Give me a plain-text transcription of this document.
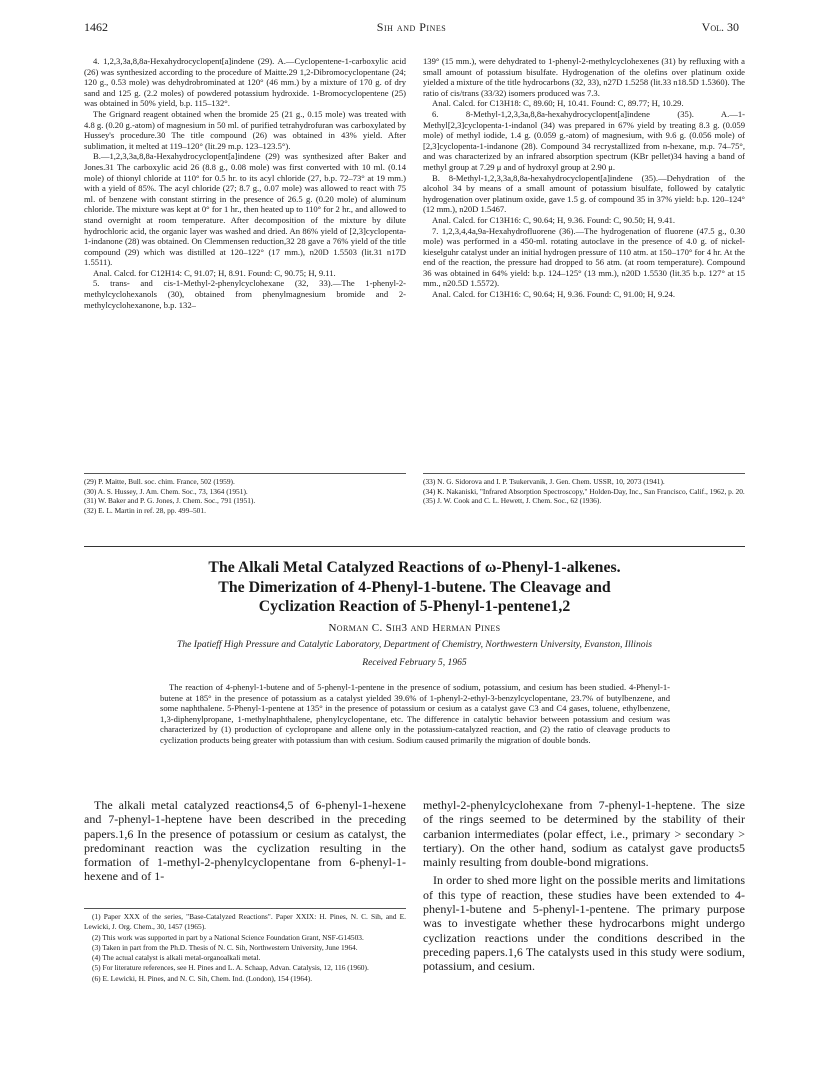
1462	Sih and Pines	Vol. 30

4. 1,2,3,3a,8,8a-Hexahydrocyclopent[a]indene (29). A.—Cyclopentene-1-carboxylic acid (26) was synthesized according to the procedure of Maitte.29 1,2-Dibromocyclopentane (24; 120 g., 0.53 mole) was dehydrobrominated at 120° (46 mm.) by a mixture of 170 g. of dry sand and 125 g. (2.2 moles) of powdered potassium hydroxide. 1-Bromocyclopentene (25) was obtained in 50% yield, b.p. 115–132°.

The Grignard reagent obtained when the bromide 25 (21 g., 0.15 mole) was treated with 4.8 g. (0.20 g.-atom) of magnesium in 50 ml. of purified tetrahydrofuran was carboxylated by Hussey's procedure.30 The title compound (26) was obtained in 43% yield. After sublimation, it melted at 119–120° (lit.29 m.p. 123–123.5°).

B.—1,2,3,3a,8,8a-Hexahydrocyclopent[a]indene (29) was synthesized after Baker and Jones.31 The carboxylic acid 26 (8.8 g., 0.08 mole) was first converted with 10 ml. (0.14 mole) of thionyl chloride at 110° for 0.5 hr. to its acyl chloride (27, b.p. 72–73° at 19 mm.) with a yield of 85%. The acyl chloride (27; 8.7 g., 0.07 mole) was allowed to react with 75 ml. of benzene with constant stirring in the presence of 26.5 g. (0.20 mole) of aluminum chloride. The mixture was kept at 0° for 1 hr., then heated up to 110° for 2 hr., and allowed to stand overnight at room temperature. After decomposition of the mixture by dilute hydrochloric acid, the organic layer was washed and dried. An 86% yield of [2,3]cyclopenta-1-indanone (28) was obtained. On Clemmensen reduction,32 28 gave a 76% yield of the title compound (29) which was distilled at 120–122° (17 mm.), n20D 1.5503 (lit.31 n17D 1.5511).

Anal. Calcd. for C12H14: C, 91.07; H, 8.91. Found: C, 90.75; H, 9.11.

5. trans- and cis-1-Methyl-2-phenylcyclohexane (32, 33).—The 1-phenyl-2-methylcyclohexanols (30), obtained from phenylmagnesium bromide and 2-methylcyclohexanone, b.p. 132–

139° (15 mm.), were dehydrated to 1-phenyl-2-methylcyclohexenes (31) by refluxing with a small amount of potassium bisulfate. Hydrogenation of the olefins over platinum oxide yielded a mixture of the title hydrocarbons (32, 33), n27D 1.5258 (lit.33 n18.5D 1.5360). The ratio of cis/trans (33/32) isomers produced was 7.3.

Anal. Calcd. for C13H18: C, 89.60; H, 10.41. Found: C, 89.77; H, 10.29.

6. 8-Methyl-1,2,3,3a,8,8a-hexahydrocyclopent[a]indene (35). A.—1-Methyl[2,3]cyclopenta-1-indanol (34) was prepared in 67% yield by treating 8.3 g. (0.059 mole) of methyl iodide, 1.4 g. (0.059 g.-atom) of magnesium, with 9.6 g. (0.056 mole) of [2,3]cyclopenta-1-indanone (28). Compound 34 recrystallized from n-hexane, m.p. 74–75°, and was characterized by an infrared absorption spectrum (KBr pellet)34 having a band of methyl group at 7.29 μ and of hydroxyl group at 2.90 μ.

B. 8-Methyl-1,2,3,3a,8,8a-hexahydrocyclopent[a]indene (35).—Dehydration of the alcohol 34 by means of a small amount of potassium bisulfate, followed by catalytic hydrogenation over platinum oxide, gave 1.5 g. of compound 35 in 37% yield: b.p. 120–124° (12 mm.), n20D 1.5467.

Anal. Calcd. for C13H16: C, 90.64; H, 9.36. Found: C, 90.50; H, 9.41.

7. 1,2,3,4,4a,9a-Hexahydrofluorene (36).—The hydrogenation of fluorene (47.5 g., 0.30 mole) was performed in a 450-ml. rotating autoclave in the presence of 4.0 g. of nickel-kieselguhr catalyst under an initial hydrogen pressure of 110 atm. at 150–170° for 4 hr. At the end of the reaction, the pressure had dropped to 56 atm. (at room temperature). Compound 36 was obtained in 64% yield: b.p. 124–125° (13 mm.), n20D 1.5530 (lit.35 b.p. 127° at 15 mm., n20.5D 1.5572).

Anal. Calcd. for C13H16: C, 90.64; H, 9.36. Found: C, 91.00; H, 9.24.

(29) P. Maitte, Bull. soc. chim. France, 502 (1959).

(30) A. S. Hussey, J. Am. Chem. Soc., 73, 1364 (1951).

(31) W. Baker and P. G. Jones, J. Chem. Soc., 791 (1951).

(32) E. L. Martin in ref. 28, pp. 499–501.

(33) N. G. Sidorova and I. P. Tsukervanik, J. Gen. Chem. USSR, 10, 2073 (1941).

(34) K. Nakaniski, "Infrared Absorption Spectroscopy," Holden-Day, Inc., San Francisco, Calif., 1962, p. 20.

(35) J. W. Cook and C. L. Hewett, J. Chem. Soc., 62 (1936).

The Alkali Metal Catalyzed Reactions of ω-Phenyl-1-alkenes.
The Dimerization of 4-Phenyl-1-butene. The Cleavage and
Cyclization Reaction of 5-Phenyl-1-pentene1,2
Norman C. Sih3 and Herman Pines
The Ipatieff High Pressure and Catalytic Laboratory, Department of Chemistry, Northwestern University, Evanston, Illinois
Received February 5, 1965
The reaction of 4-phenyl-1-butene and of 5-phenyl-1-pentene in the presence of sodium, potassium, and cesium has been studied. 4-Phenyl-1-butene at 185° in the presence of potassium as a catalyst yielded 39.6% of 1-phenyl-2-ethyl-3-benzylcyclopentane, 23.7% of butylbenzene, and some naphthalene. 5-Phenyl-1-pentene at 135° in the presence of potassium or cesium as a catalyst gave C3 and C4 gases, toluene, ethylbenzene, 1,3-diphenylpropane, 1-methylnaphthalene, phenylcyclopentane, etc. The difference in catalytic behavior between potassium and cesium was characterized by (1) production of cyclopropane and allene only in the potassium-catalyzed reaction, and (2) the ratio of cleavage products to cyclization products being greater with potassium than with cesium. Sodium caused primarily the migration of double bonds.

The alkali metal catalyzed reactions4,5 of 6-phenyl-1-hexene and 7-phenyl-1-heptene have been described in the preceding papers.1,6 In the presence of potassium or cesium as catalyst, the predominant reaction was the cyclization resulting in the formation of 1-methyl-2-phenylcyclopentane from 6-phenyl-1-hexene and of 1-

methyl-2-phenylcyclohexane from 7-phenyl-1-heptene. The size of the rings seemed to be determined by the stability of their carbanion intermediates (polar effect, i.e., primary > secondary > tertiary). On the other hand, sodium as catalyst gave products5 mainly resulting from double-bond migrations.

In order to shed more light on the possible merits and limitations of this type of reaction, these studies have been extended to 4-phenyl-1-butene and 5-phenyl-1-pentene. The primary purpose was to investigate whether these hydrocarbons might undergo cyclization reactions under the conditions described in the preceding papers.1,6 The catalysts used in this study were sodium, potassium, and cesium.

(1) Paper XXX of the series, "Base-Catalyzed Reactions". Paper XXIX: H. Pines, N. C. Sih, and E. Lewicki, J. Org. Chem., 30, 1457 (1965).

(2) This work was supported in part by a National Science Foundation Grant, NSF-G14503.

(3) Taken in part from the Ph.D. Thesis of N. C. Sih, Northwestern University, June 1964.

(4) The actual catalyst is alkali metal-organoalkali metal.

(5) For literature references, see H. Pines and L. A. Schaap, Advan. Catalysis, 12, 116 (1960).

(6) E. Lewicki, H. Pines, and N. C. Sih, Chem. Ind. (London), 154 (1964).
